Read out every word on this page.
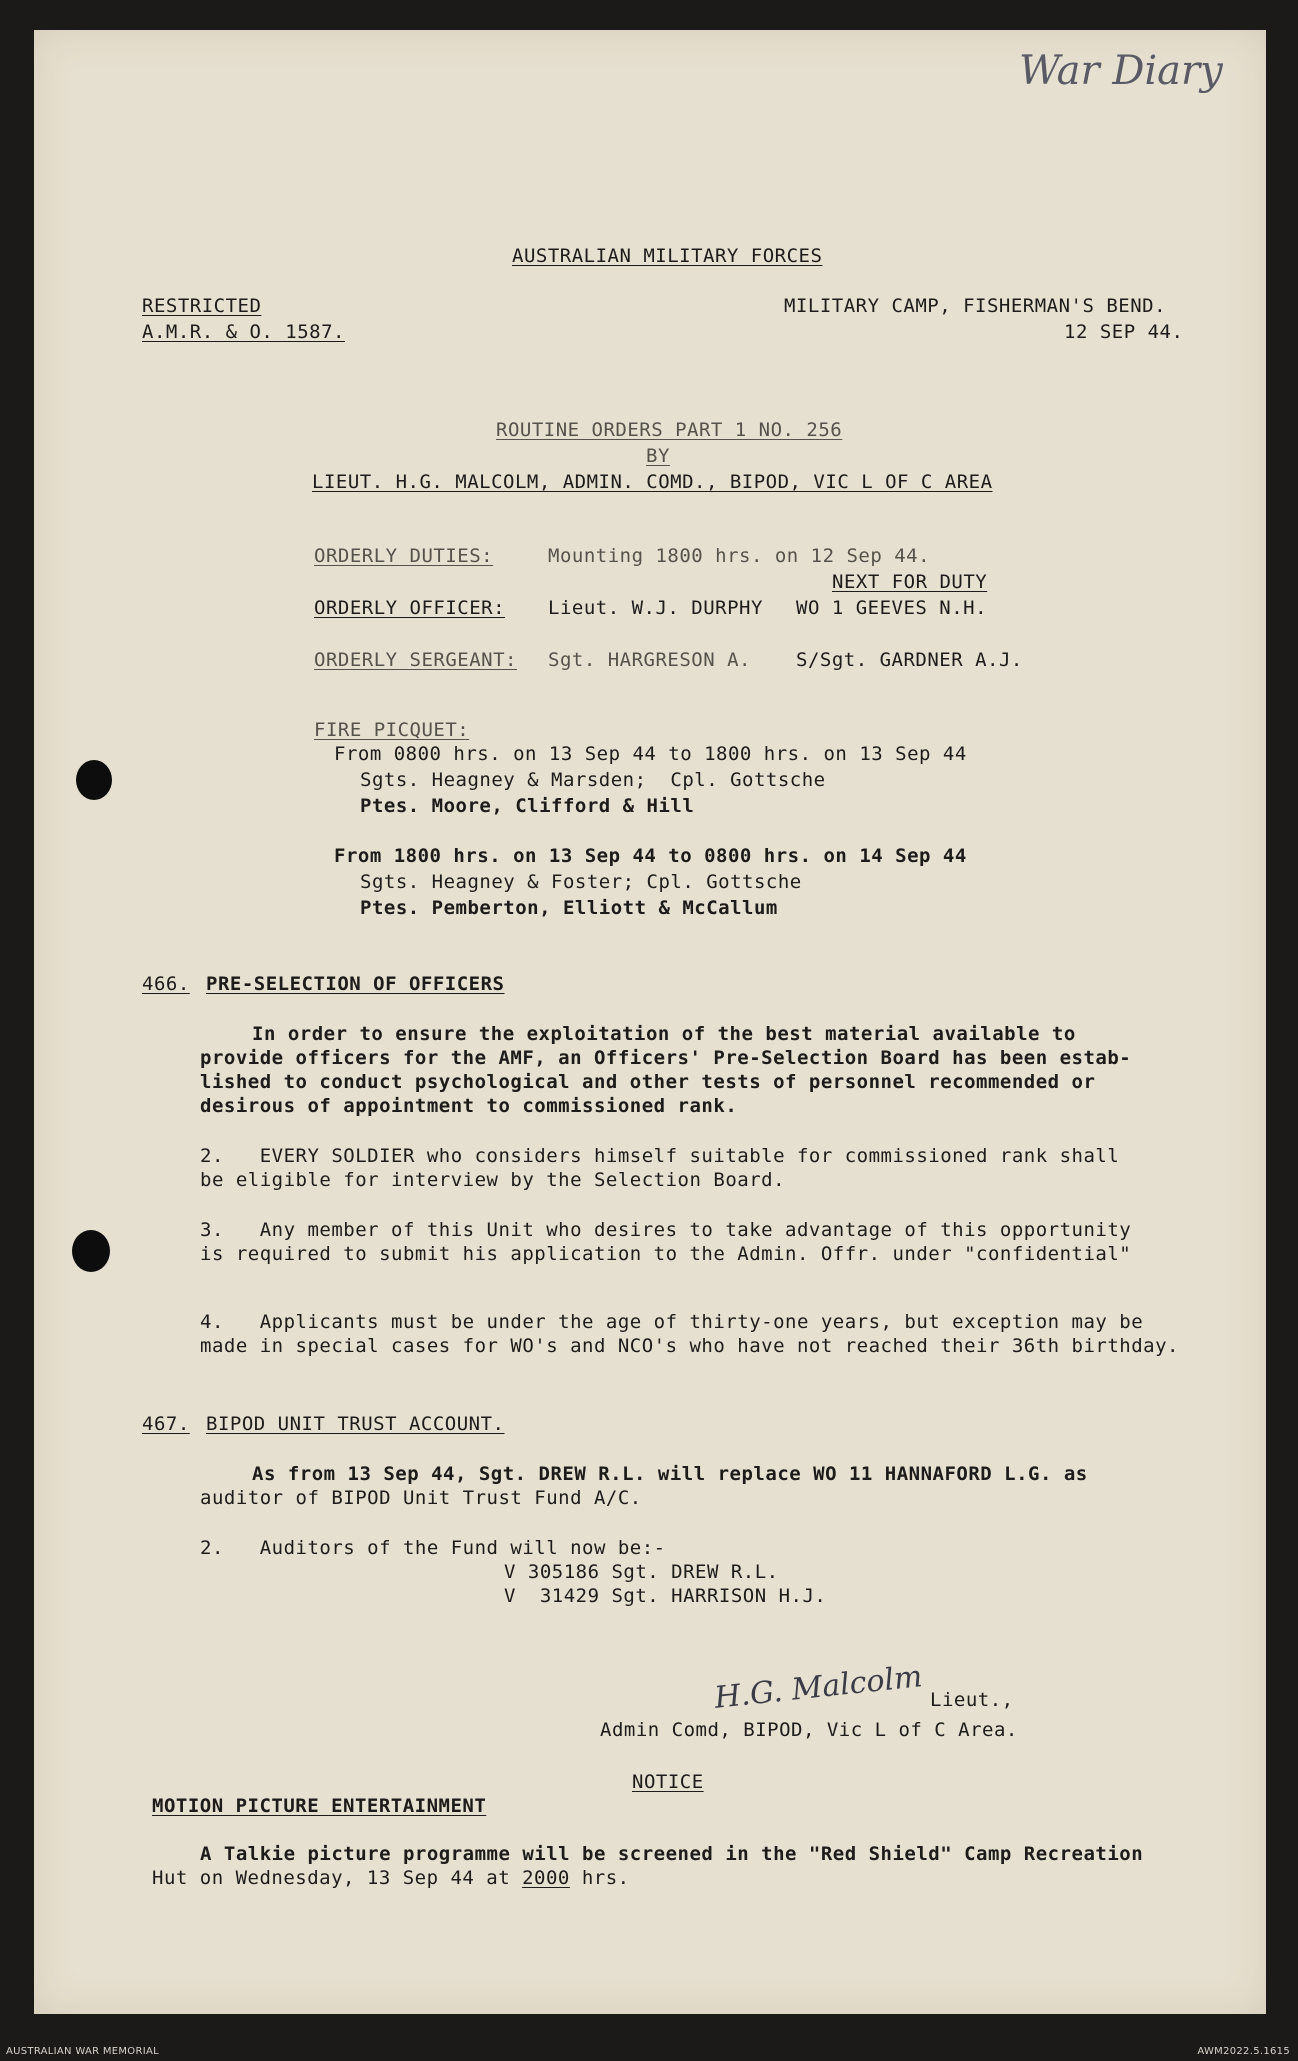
War Diary
AUSTRALIAN MILITARY FORCES
RESTRICTED
A.M.R. & O. 1587.
MILITARY CAMP, FISHERMAN'S BEND.
12 SEP 44.
ROUTINE ORDERS PART 1 NO. 256
BY
LIEUT. H.G. MALCOLM, ADMIN. COMD., BIPOD, VIC L OF C AREA
ORDERLY DUTIES:	Mounting 1800 hrs. on 12 Sep 44.
NEXT FOR DUTY
ORDERLY OFFICER: Lieut. W.J. DURPHY WO 1 GEEVES N.H.
ORDERLY SERGEANT: Sgt. HARGRESON A. S/Sgt. GARDNER A.J.
FIRE PICQUET:
From 0800 hrs. on 13 Sep 44 to 1800 hrs. on 13 Sep 44
Sgts. Heagney & Marsden;  Cpl. Gottsche
Ptes. Moore, Clifford & Hill
From 1800 hrs. on 13 Sep 44 to 0800 hrs. on 14 Sep 44
Sgts. Heagney & Foster; Cpl. Gottsche
Ptes. Pemberton, Elliott & McCallum
466. PRE-SELECTION OF OFFICERS
In order to ensure the exploitation of the best material available to
provide officers for the AMF, an Officers' Pre-Selection Board has been estab-
lished to conduct psychological and other tests of personnel recommended or
desirous of appointment to commissioned rank.
2.   EVERY SOLDIER who considers himself suitable for commissioned rank shall
be eligible for interview by the Selection Board.
3.   Any member of this Unit who desires to take advantage of this opportunity
is required to submit his application to the Admin. Offr. under "confidential"
4.   Applicants must be under the age of thirty-one years, but exception may be
made in special cases for WO's and NCO's who have not reached their 36th birthday.
467. BIPOD UNIT TRUST ACCOUNT.
As from 13 Sep 44, Sgt. DREW R.L. will replace WO 11 HANNAFORD L.G. as
auditor of BIPOD Unit Trust Fund A/C.
2.   Auditors of the Fund will now be:-
V 305186 Sgt. DREW R.L.
V  31429 Sgt. HARRISON H.J.
H.G. Malcolm Lieut.,
Admin Comd, BIPOD, Vic L of C Area.
NOTICE
MOTION PICTURE ENTERTAINMENT
A Talkie picture programme will be screened in the "Red Shield" Camp Recreation
Hut on Wednesday, 13 Sep 44 at 2000 hrs.
AUSTRALIAN WAR MEMORIAL	AWM2022.5.1615
